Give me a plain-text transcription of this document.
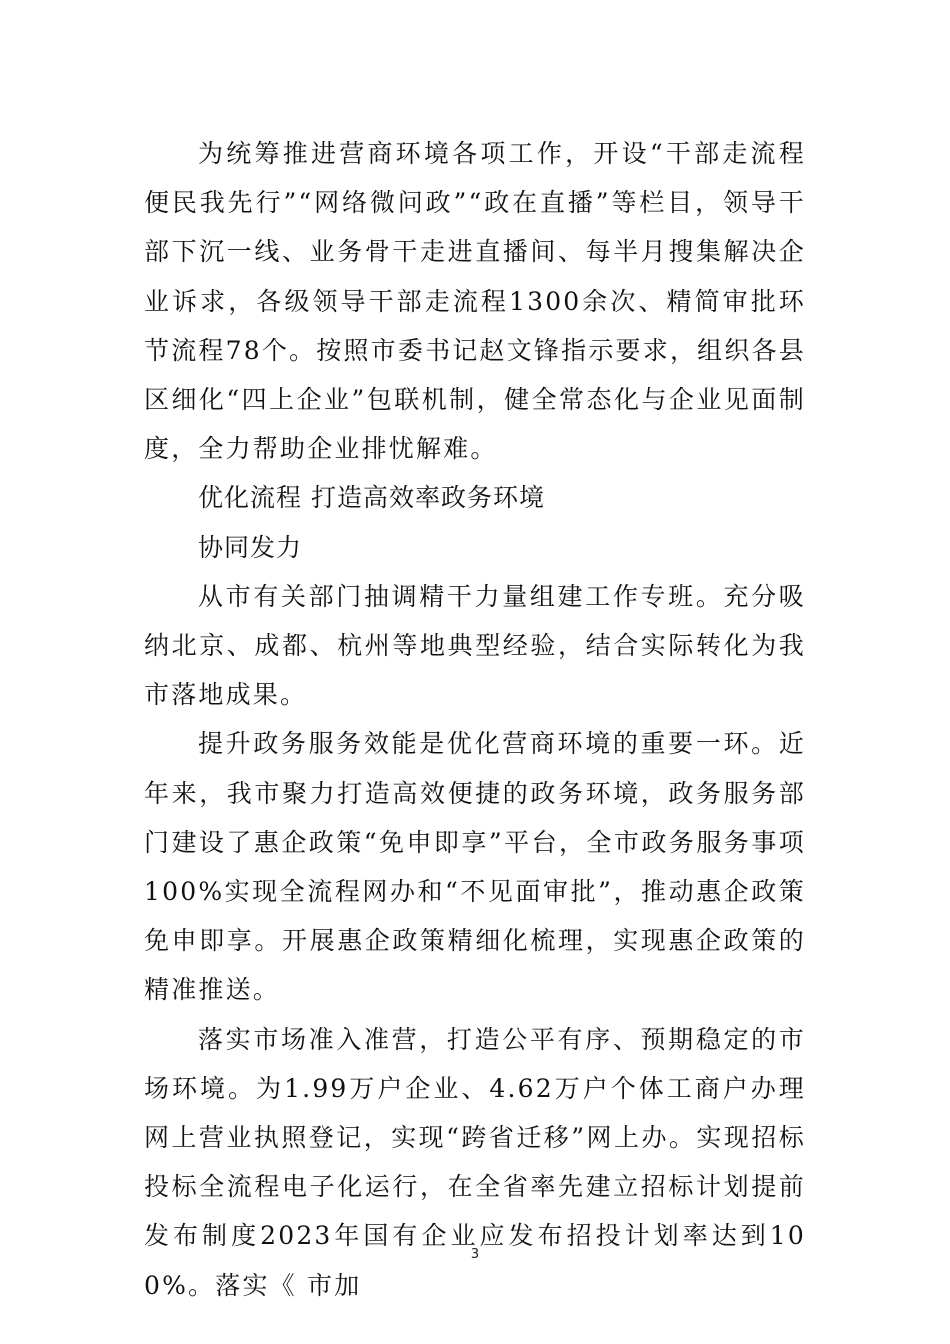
为统筹推进营商环境各项工作，开设“干部走流程便民我先行”“网络微问政”“政在直播”等栏目，领导干部下沉一线、业务骨干走进直播间、每半月搜集解决企业诉求，各级领导干部走流程1300余次、精简审批环节流程78个。按照市委书记赵文锋指示要求，组织各县区细化“四上企业”包联机制，健全常态化与企业见面制度，全力帮助企业排忧解难。

优化流程 打造高效率政务环境

协同发力

从市有关部门抽调精干力量组建工作专班。充分吸纳北京、成都、杭州等地典型经验，结合实际转化为我市落地成果。

提升政务服务效能是优化营商环境的重要一环。近年来，我市聚力打造高效便捷的政务环境，政务服务部门建设了惠企政策“免申即享”平台，全市政务服务事项100%实现全流程网办和“不见面审批”，推动惠企政策免申即享。开展惠企政策精细化梳理，实现惠企政策的精准推送。

落实市场准入准营，打造公平有序、预期稳定的市场环境。为1.99万户企业、4.62万户个体工商户办理网上营业执照登记，实现“跨省迁移”网上办。实现招标投标全流程电子化运行，在全省率先建立招标计划提前发布制度2023年国有企业应发布招投计划率达到100%。落实《 市加

3
